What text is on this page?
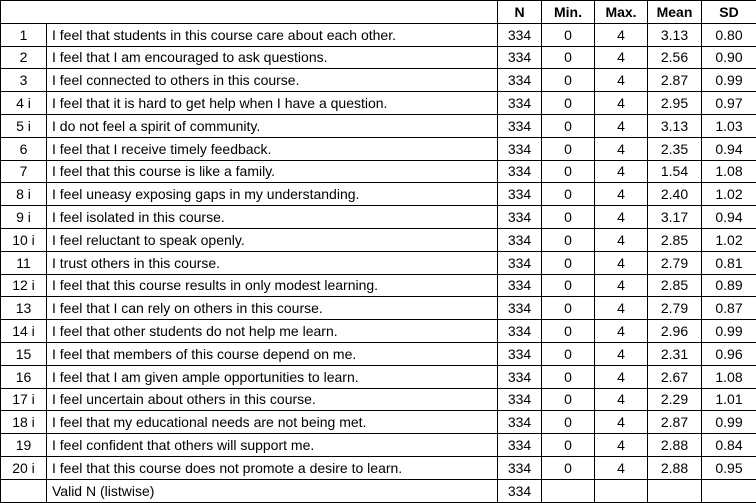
		N	Min.	Max.	Mean	SD
1	I feel that students in this course care about each other.	334	0	4	3.13	0.80
2	I feel that I am encouraged to ask questions.	334	0	4	2.56	0.90
3	I feel connected to others in this course.	334	0	4	2.87	0.99
4 i	I feel that it is hard to get help when I have a question.	334	0	4	2.95	0.97
5 i	I do not feel a spirit of community.	334	0	4	3.13	1.03
6	I feel that I receive timely feedback.	334	0	4	2.35	0.94
7	I feel that this course is like a family.	334	0	4	1.54	1.08
8 i	I feel uneasy exposing gaps in my understanding.	334	0	4	2.40	1.02
9 i	I feel isolated in this course.	334	0	4	3.17	0.94
10 i	I feel reluctant to speak openly.	334	0	4	2.85	1.02
11	I trust others in this course.	334	0	4	2.79	0.81
12 i	I feel that this course results in only modest learning.	334	0	4	2.85	0.89
13	I feel that I can rely on others in this course.	334	0	4	2.79	0.87
14 i	I feel that other students do not help me learn.	334	0	4	2.96	0.99
15	I feel that members of this course depend on me.	334	0	4	2.31	0.96
16	I feel that I am given ample opportunities to learn.	334	0	4	2.67	1.08
17 i	I feel uncertain about others in this course.	334	0	4	2.29	1.01
18 i	I feel that my educational needs are not being met.	334	0	4	2.87	0.99
19	I feel confident that others will support me.	334	0	4	2.88	0.84
20 i	I feel that this course does not promote a desire to learn.	334	0	4	2.88	0.95
	Valid N (listwise)	334				
